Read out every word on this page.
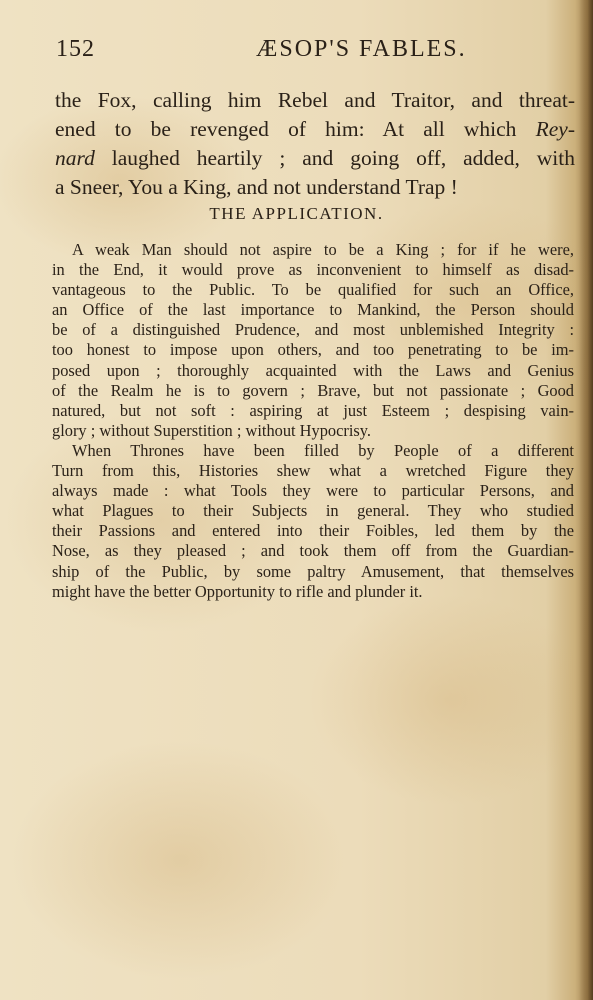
152	ÆSOP'S FABLES.
the Fox, calling him Rebel and Traitor, and threat-
ened to be revenged of him: At all which Rey-
nard laughed heartily ; and going off, added, with
a Sneer, You a King, and not understand Trap !
THE APPLICATION.
A weak Man should not aspire to be a King ; for if he were,
in the End, it would prove as inconvenient to himself as disad-
vantageous to the Public. To be qualified for such an Office,
an Office of the last importance to Mankind, the Person should
be of a distinguished Prudence, and most unblemished Integrity :
too honest to impose upon others, and too penetrating to be im-
posed upon ; thoroughly acquainted with the Laws and Genius
of the Realm he is to govern ; Brave, but not passionate ; Good
natured, but not soft : aspiring at just Esteem ; despising vain-
glory ; without Superstition ; without Hypocrisy.
When Thrones have been filled by People of a different
Turn from this, Histories shew what a wretched Figure they
always made : what Tools they were to particular Persons, and
what Plagues to their Subjects in general. They who studied
their Passions and entered into their Foibles, led them by the
Nose, as they pleased ; and took them off from the Guardian-
ship of the Public, by some paltry Amusement, that themselves
might have the better Opportunity to rifle and plunder it.
